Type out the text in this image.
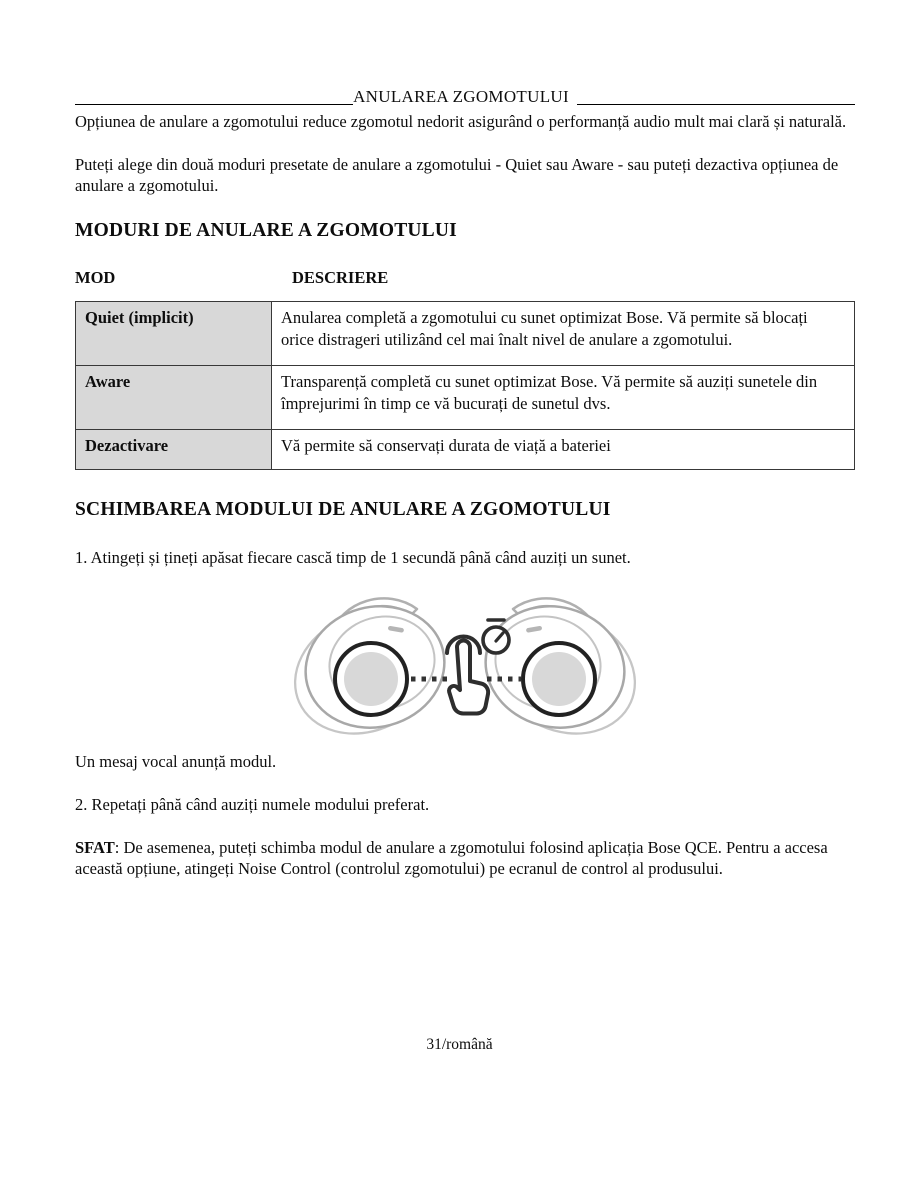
ANULAREA ZGOMOTULUI

Opțiunea de anulare a zgomotului reduce zgomotul nedorit asigurând o performanță audio mult mai clară și naturală.

Puteți alege din două moduri presetate de anulare a zgomotului - Quiet sau Aware - sau puteți dezactiva opțiunea de anulare a zgomotului.

MODURI DE ANULARE A ZGOMOTULUI
MOD	DESCRIERE
Quiet (implicit)	Anularea completă a zgomotului cu sunet optimizat Bose. Vă permite să blocați orice distrageri utilizând cel mai înalt nivel de anulare a zgomotului.
Aware	Transparență completă cu sunet optimizat Bose. Vă permite să auziți sunetele din împrejurimi în timp ce vă bucurați de sunetul dvs.
Dezactivare	Vă permite să conservați durata de viață a bateriei
SCHIMBAREA MODULUI DE ANULARE A ZGOMOTULUI

1. Atingeți și țineți apăsat fiecare cască timp de 1 secundă până când auziți un sunet.

Un mesaj vocal anunță modul.

2. Repetați până când auziți numele modului preferat.

SFAT: De asemenea, puteți schimba modul de anulare a zgomotului folosind aplicația Bose QCE. Pentru a accesa această opțiune, atingeți Noise Control (controlul zgomotului) pe ecranul de control al produsului.

31/română
